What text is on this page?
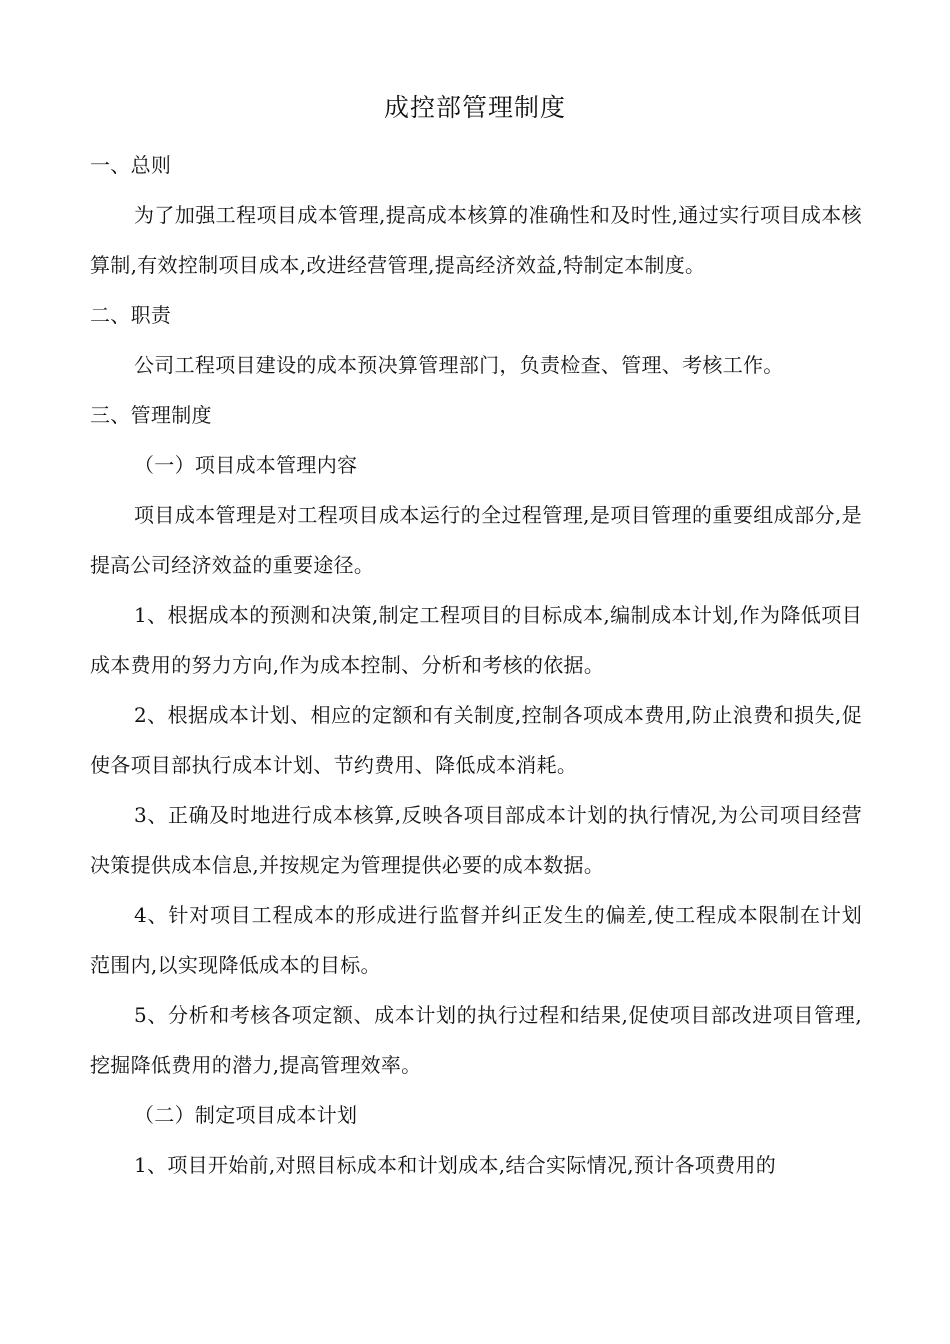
成控部管理制度

一、总则

为了加强工程项目成本管理,提高成本核算的准确性和及时性,通过实行项目成本核算制,有效控制项目成本,改进经营管理,提高经济效益,特制定本制度。

二、职责

公司工程项目建设的成本预决算管理部门，负责检查、管理、考核工作。

三、管理制度

（一）项目成本管理内容

项目成本管理是对工程项目成本运行的全过程管理,是项目管理的重要组成部分,是提高公司经济效益的重要途径。

1、根据成本的预测和决策,制定工程项目的目标成本,编制成本计划,作为降低项目成本费用的努力方向,作为成本控制、分析和考核的依据。

2、根据成本计划、相应的定额和有关制度,控制各项成本费用,防止浪费和损失,促使各项目部执行成本计划、节约费用、降低成本消耗。

3、正确及时地进行成本核算,反映各项目部成本计划的执行情况,为公司项目经营决策提供成本信息,并按规定为管理提供必要的成本数据。

4、针对项目工程成本的形成进行监督并纠正发生的偏差,使工程成本限制在计划范围内,以实现降低成本的目标。

5、分析和考核各项定额、成本计划的执行过程和结果,促使项目部改进项目管理,挖掘降低费用的潜力,提高管理效率。

（二）制定项目成本计划

1、项目开始前,对照目标成本和计划成本,结合实际情况,预计各项费用的
